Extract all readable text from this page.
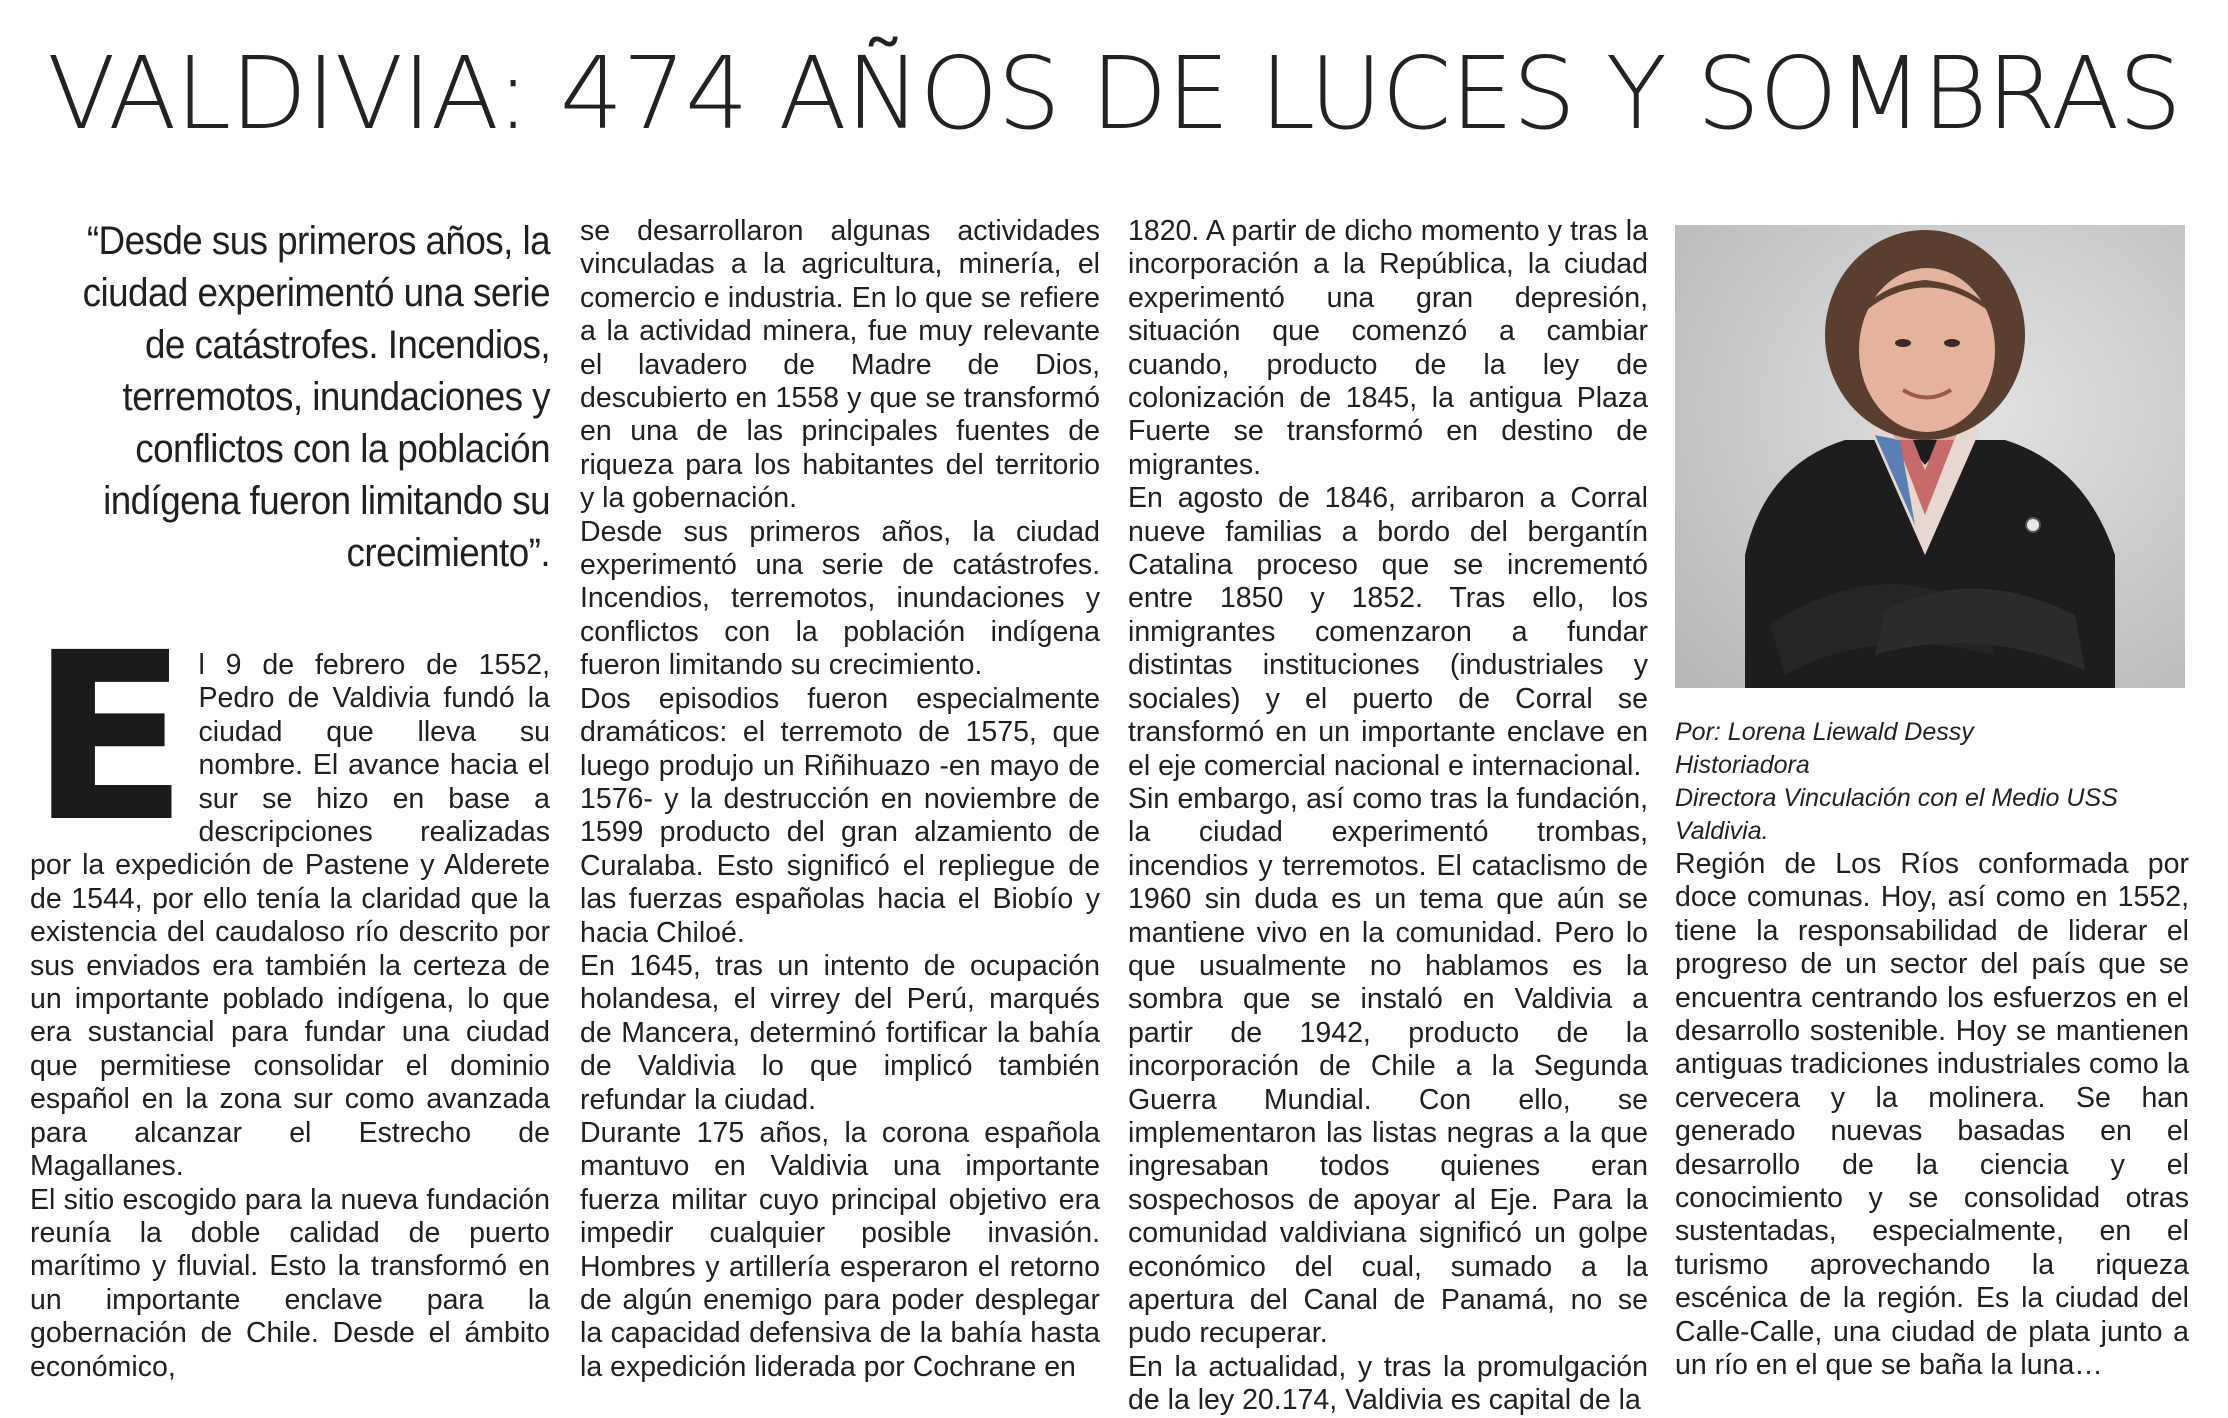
VALDIVIA: 474 AÑOS DE LUCES Y SOMBRAS
“Desde sus primeros años, la ciudad experimentó una serie de catástrofes. Incendios, terremotos, inundaciones y conflictos con la población indígena fueron limitando su crecimiento”.

El 9 de febrero de 1552, Pedro de Valdivia fundó la ciudad que lleva su nombre. El avance hacia el sur se hizo en base a descripciones realizadas por la expedición de Pastene y Alderete de 1544, por ello tenía la claridad que la existencia del caudaloso río descrito por sus enviados era también la certeza de un importante poblado indígena, lo que era sustancial para fundar una ciudad que permitiese consolidar el dominio español en la zona sur como avanzada para alcanzar el Estrecho de Magallanes.

El sitio escogido para la nueva fundación reunía la doble calidad de puerto marítimo y fluvial. Esto la transformó en un importante enclave para la gobernación de Chile. Desde el ámbito económico,

se desarrollaron algunas actividades vinculadas a la agricultura, minería, el comercio e industria. En lo que se refiere a la actividad minera, fue muy relevante el lavadero de Madre de Dios, descubierto en 1558 y que se transformó en una de las principales fuentes de riqueza para los habitantes del territorio y la gobernación.

Desde sus primeros años, la ciudad experimentó una serie de catástrofes. Incendios, terremotos, inundaciones y conflictos con la población indígena fueron limitando su crecimiento.

Dos episodios fueron especialmente dramáticos: el terremoto de 1575, que luego produjo un Riñihuazo -en mayo de 1576- y la destrucción en noviembre de 1599 producto del gran alzamiento de Curalaba. Esto significó el repliegue de las fuerzas españolas hacia el Biobío y hacia Chiloé.

En 1645, tras un intento de ocupación holandesa, el virrey del Perú, marqués de Mancera, determinó fortificar la bahía de Valdivia lo que implicó también refundar la ciudad.

Durante 175 años, la corona española mantuvo en Valdivia una importante fuerza militar cuyo principal objetivo era impedir cualquier posible invasión. Hombres y artillería esperaron el retorno de algún enemigo para poder desplegar la capacidad defensiva de la bahía hasta la expedición liderada por Cochrane en

1820. A partir de dicho momento y tras la incorporación a la República, la ciudad experimentó una gran depresión, situación que comenzó a cambiar cuando, producto de la ley de colonización de 1845, la antigua Plaza Fuerte se transformó en destino de migrantes.

En agosto de 1846, arribaron a Corral nueve familias a bordo del bergantín Catalina proceso que se incrementó entre 1850 y 1852. Tras ello, los inmigrantes comenzaron a fundar distintas instituciones (industriales y sociales) y el puerto de Corral se transformó en un importante enclave en el eje comercial nacional e internacional.

Sin embargo, así como tras la fundación, la ciudad experimentó trombas, incendios y terremotos. El cataclismo de 1960 sin duda es un tema que aún se mantiene vivo en la comunidad. Pero lo que usualmente no hablamos es la sombra que se instaló en Valdivia a partir de 1942, producto de la incorporación de Chile a la Segunda Guerra Mundial. Con ello, se implementaron las listas negras a la que ingresaban todos quienes eran sospechosos de apoyar al Eje. Para la comunidad valdiviana significó un golpe económico del cual, sumado a la apertura del Canal de Panamá, no se pudo recuperar.

En la actualidad, y tras la promulgación de la ley 20.174, Valdivia es capital de la

Por: Lorena Liewald Dessy
Historiadora
Directora Vinculación con el Medio USS Valdivia.

Región de Los Ríos conformada por doce comunas. Hoy, así como en 1552, tiene la responsabilidad de liderar el progreso de un sector del país que se encuentra centrando los esfuerzos en el desarrollo sostenible. Hoy se mantienen antiguas tradiciones industriales como la cervecera y la molinera. Se han generado nuevas basadas en el desarrollo de la ciencia y el conocimiento y se consolidad otras sustentadas, especialmente, en el turismo aprovechando la riqueza escénica de la región. Es la ciudad del Calle-Calle, una ciudad de plata junto a un río en el que se baña la luna…
